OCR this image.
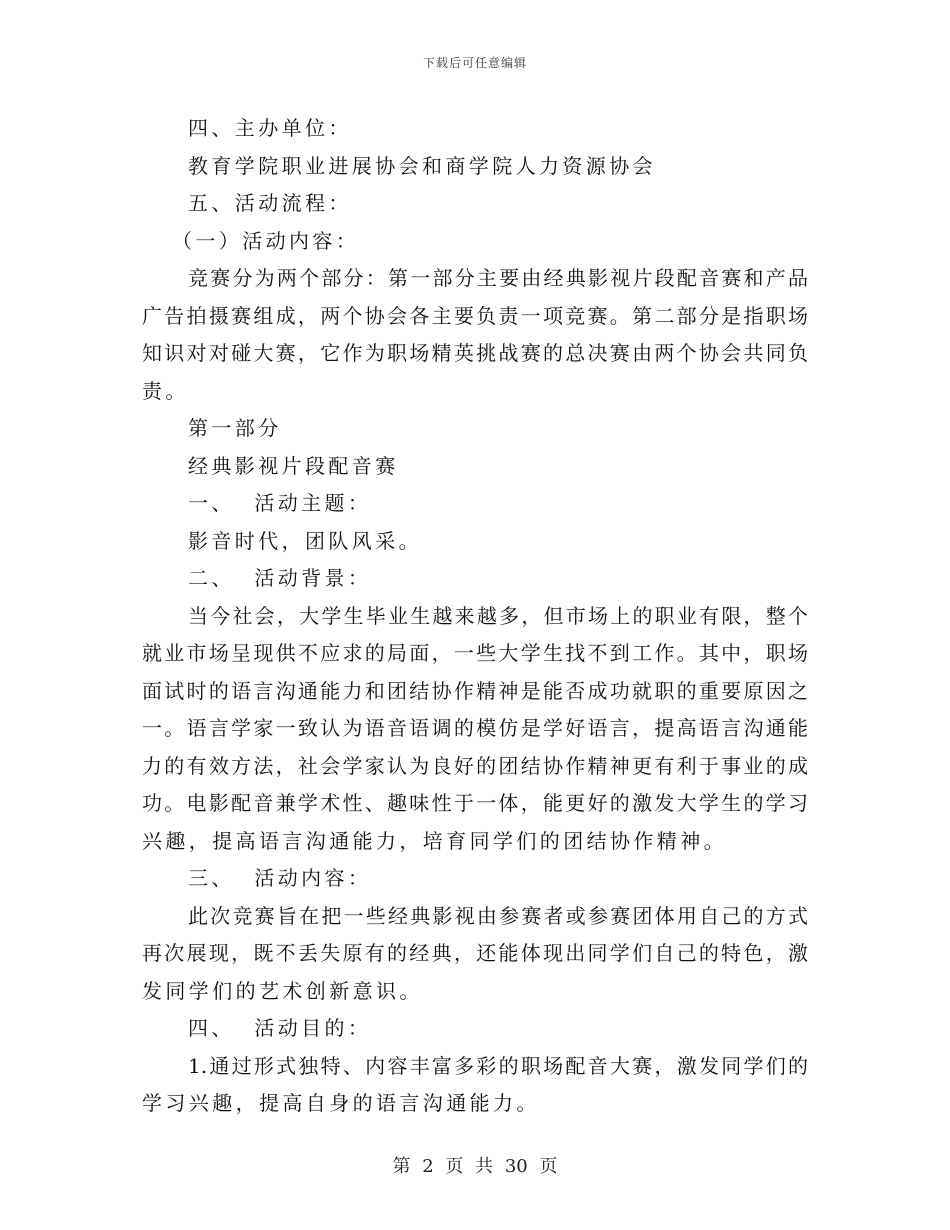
下载后可任意编辑
四、主办单位：
教育学院职业进展协会和商学院人力资源协会
五、活动流程：
（一）活动内容：
竞赛分为两个部分：第一部分主要由经典影视片段配音赛和产品
广告拍摄赛组成，两个协会各主要负责一项竞赛。第二部分是指职场
知识对对碰大赛，它作为职场精英挑战赛的总决赛由两个协会共同负
责。
第一部分
经典影视片段配音赛
一、  活动主题：
影音时代，团队风采。
二、  活动背景：
当今社会，大学生毕业生越来越多，但市场上的职业有限，整个
就业市场呈现供不应求的局面，一些大学生找不到工作。其中，职场
面试时的语言沟通能力和团结协作精神是能否成功就职的重要原因之
一。语言学家一致认为语音语调的模仿是学好语言，提高语言沟通能
力的有效方法，社会学家认为良好的团结协作精神更有利于事业的成
功。电影配音兼学术性、趣味性于一体，能更好的激发大学生的学习
兴趣，提高语言沟通能力，培育同学们的团结协作精神。
三、  活动内容：
此次竞赛旨在把一些经典影视由参赛者或参赛团体用自己的方式
再次展现，既不丢失原有的经典，还能体现出同学们自己的特色，激
发同学们的艺术创新意识。
四、  活动目的：
1.通过形式独特、内容丰富多彩的职场配音大赛，激发同学们的
学习兴趣，提高自身的语言沟通能力。
第 2 页 共 30 页
